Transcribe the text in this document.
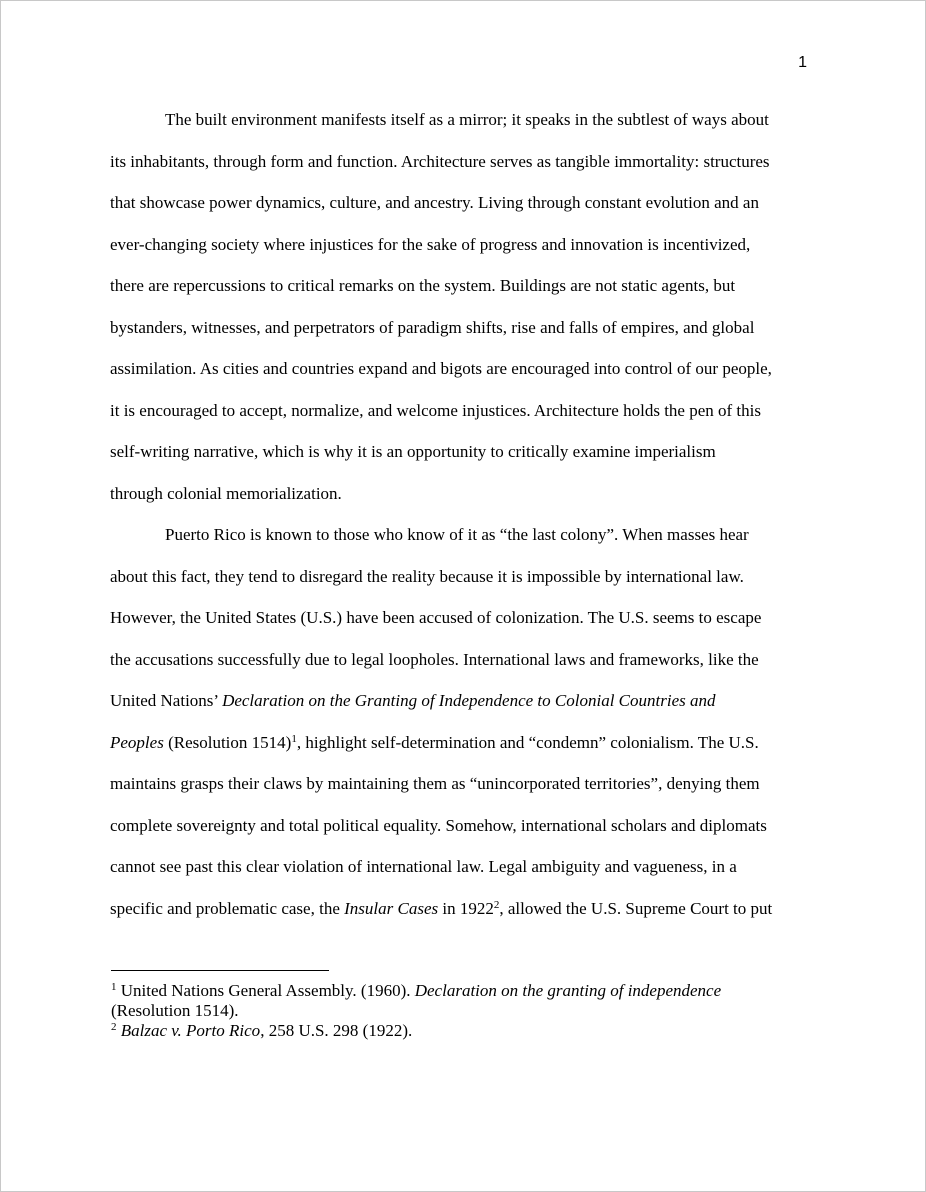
1
The built environment manifests itself as a mirror; it speaks in the subtlest of ways about
its inhabitants, through form and function. Architecture serves as tangible immortality: structures
that showcase power dynamics, culture, and ancestry. Living through constant evolution and an
ever-changing society where injustices for the sake of progress and innovation is incentivized,
there are repercussions to critical remarks on the system. Buildings are not static agents, but
bystanders, witnesses, and perpetrators of paradigm shifts, rise and falls of empires, and global
assimilation. As cities and countries expand and bigots are encouraged into control of our people,
it is encouraged to accept, normalize, and welcome injustices. Architecture holds the pen of this
self-writing narrative, which is why it is an opportunity to critically examine imperialism
through colonial memorialization.
Puerto Rico is known to those who know of it as “the last colony”. When masses hear
about this fact, they tend to disregard the reality because it is impossible by international law.
However, the United States (U.S.) have been accused of colonization. The U.S. seems to escape
the accusations successfully due to legal loopholes. International laws and frameworks, like the
United Nations’ Declaration on the Granting of Independence to Colonial Countries and
Peoples (Resolution 1514)$^1$, highlight self-determination and “condemn” colonialism. The U.S.
maintains grasps their claws by maintaining them as “unincorporated territories”, denying them
complete sovereignty and total political equality. Somehow, international scholars and diplomats
cannot see past this clear violation of international law. Legal ambiguity and vagueness, in a
specific and problematic case, the Insular Cases in 1922$^2$, allowed the U.S. Supreme Court to put
$^1$ United Nations General Assembly. (1960). Declaration on the granting of independence
(Resolution 1514).
$^2$ Balzac v. Porto Rico, 258 U.S. 298 (1922).
